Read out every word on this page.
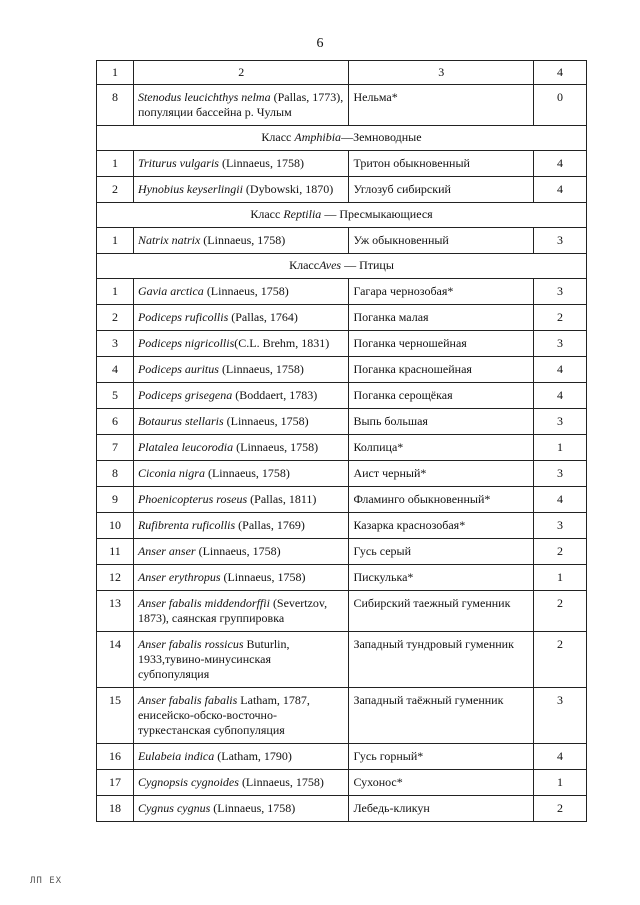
6
1	2	3	4
8	Stenodus leucichthys nelma (Pallas, 1773), популяции бассейна р. Чулым	Нельма*	0
Класс Amphibia—Земноводные			
1	Triturus vulgaris (Linnaeus, 1758)	Тритон обыкновенный	4
2	Hynobius keyserlingii (Dybowski, 1870)	Углозуб сибирский	4
Класс Reptilia — Пресмыкающиеся			
1	Natrix natrix (Linnaeus, 1758)	Уж обыкновенный	3
КлассAves — Птицы			
1	Gavia arctica (Linnaeus, 1758)	Гагара чернозобая*	3
2	Podiceps ruficollis (Pallas, 1764)	Поганка малая	2
3	Podiceps nigricollis(C.L. Brehm, 1831)	Поганка черношейная	3
4	Podiceps auritus (Linnaeus, 1758)	Поганка красношейная	4
5	Podiceps grisegena (Boddaert, 1783)	Поганка серощёкая	4
6	Botaurus stellaris (Linnaeus, 1758)	Выпь большая	3
7	Platalea leucorodia (Linnaeus, 1758)	Колпица*	1
8	Ciconia nigra (Linnaeus, 1758)	Аист черный*	3
9	Phoenicopterus roseus (Pallas, 1811)	Фламинго обыкновенный*	4
10	Rufibrenta ruficollis (Pallas, 1769)	Казарка краснозобая*	3
11	Anser anser (Linnaeus, 1758)	Гусь серый	2
12	Anser erythropus (Linnaeus, 1758)	Пискулька*	1
13	Anser fabalis middendorffii (Severtzov, 1873), саянская группировка	Сибирский таежный гуменник	2
14	Anser fabalis rossicus Buturlin, 1933,тувино-минусинская субпопуляция	Западный тундровый гуменник	2
15	Anser fabalis fabalis Latham, 1787, енисейско-обско-восточно-туркестанская субпопуляция	Западный таёжный гуменник	3
16	Eulabeia indica (Latham, 1790)	Гусь горный*	4
17	Cygnopsis cygnoides (Linnaeus, 1758)	Сухонос*	1
18	Cygnus cygnus (Linnaeus, 1758)	Лебедь-кликун	2
ЛП ЕХ
